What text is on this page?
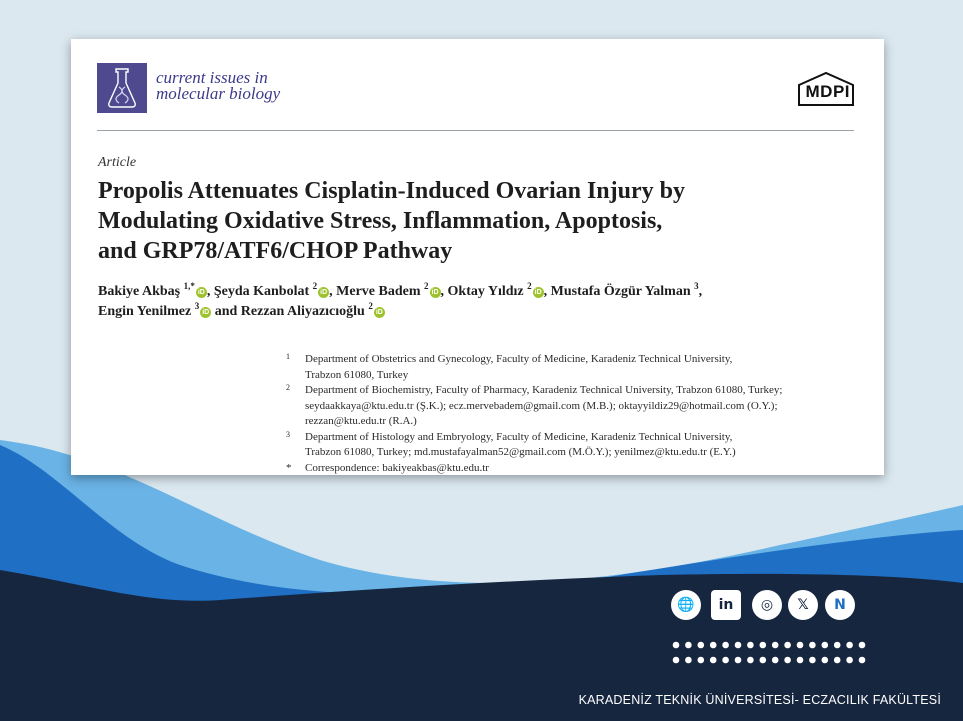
current issues in
molecular biology	MDPI
Article
Propolis Attenuates Cisplatin-Induced Ovarian Injury by
Modulating Oxidative Stress, Inflammation, Apoptosis,
and GRP78/ATF6/CHOP Pathway
Bakiye Akbaş $^{1,*}$iD , Şeyda Kanbolat $^2$iD , Merve Badem $^2$iD , Oktay Yıldız $^2$iD , Mustafa Özgür Yalman $^3$,
Engin Yenilmez $^3$iD and Rezzan Aliyazıcıoğlu $^2$iD
1 Department of Obstetrics and Gynecology, Faculty of Medicine, Karadeniz Technical University,
Trabzon 61080, Turkey
2 Department of Biochemistry, Faculty of Pharmacy, Karadeniz Technical University, Trabzon 61080, Turkey;
seydaakkaya@ktu.edu.tr (Ş.K.); ecz.mervebadem@gmail.com (M.B.); oktayyildiz29@hotmail.com (O.Y.);
rezzan@ktu.edu.tr (R.A.)
3 Department of Histology and Embryology, Faculty of Medicine, Karadeniz Technical University,
Trabzon 61080, Turkey; md.mustafayalman52@gmail.com (M.Ö.Y.); yenilmez@ktu.edu.tr (E.Y.)
* Correspondence: bakiyeakbas@ktu.edu.tr
🌐	in	◎	𝕏	N
KARADENİZ TEKNİK ÜNİVERSİTESİ- ECZACILIK FAKÜLTESİ
